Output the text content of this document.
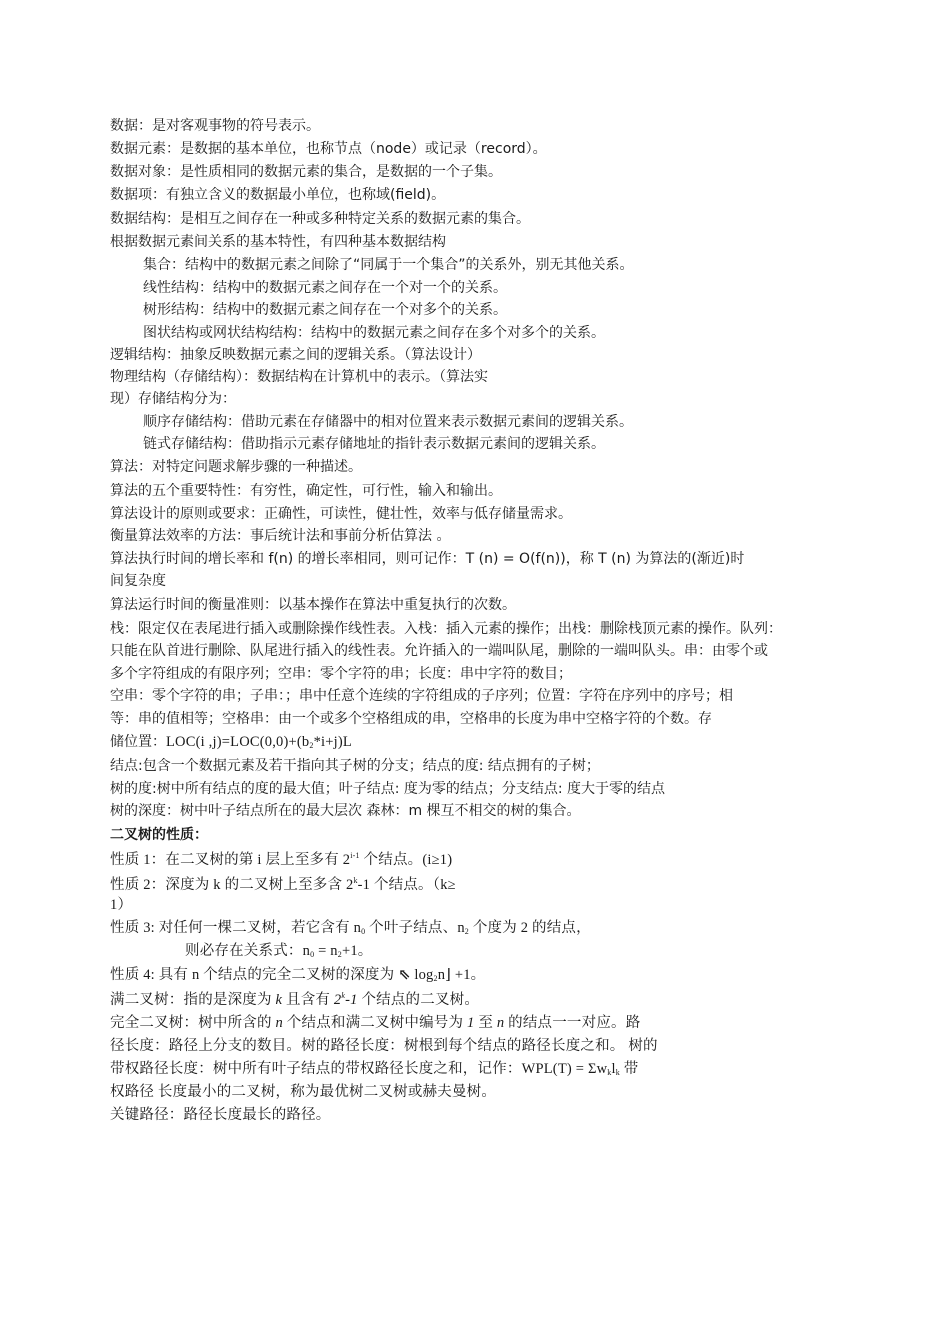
数据：是对客观事物的符号表示。

数据元素：是数据的基本单位，也称节点（node）或记录（record）。

数据对象：是性质相同的数据元素的集合，是数据的一个子集。

数据项：有独立含义的数据最小单位，也称域(field)。

数据结构：是相互之间存在一种或多种特定关系的数据元素的集合。

根据数据元素间关系的基本特性，有四种基本数据结构

集合：结构中的数据元素之间除了“同属于一个集合”的关系外，别无其他关系。

线性结构：结构中的数据元素之间存在一个对一个的关系。

树形结构：结构中的数据元素之间存在一个对多个的关系。

图状结构或网状结构结构：结构中的数据元素之间存在多个对多个的关系。

逻辑结构：抽象反映数据元素之间的逻辑关系。（算法设计）

物理结构（存储结构）：数据结构在计算机中的表示。（算法实

现）存储结构分为：

顺序存储结构：借助元素在存储器中的相对位置来表示数据元素间的逻辑关系。

链式存储结构：借助指示元素存储地址的指针表示数据元素间的逻辑关系。

算法：对特定问题求解步骤的一种描述。

算法的五个重要特性：有穷性，确定性，可行性，输入和输出。

算法设计的原则或要求：正确性，可读性，健壮性，效率与低存储量需求。

衡量算法效率的方法：事后统计法和事前分析估算法 。

算法执行时间的增长率和 f(n) 的增长率相同，则可记作：T (n) = O(f(n))，称 T (n) 为算法的(渐近)时

间复杂度

算法运行时间的衡量准则：以基本操作在算法中重复执行的次数。

栈：限定仅在表尾进行插入或删除操作线性表。入栈：插入元素的操作；出栈：删除栈顶元素的操作。队列：

只能在队首进行删除、队尾进行插入的线性表。允许插入的一端叫队尾，删除的一端叫队头。串：由零个或

多个字符组成的有限序列；空串：零个字符的串；长度：串中字符的数目；

空串：零个字符的串；子串：；串中任意个连续的字符组成的子序列；位置：字符在序列中的序号；相

等：串的值相等；空格串：由一个或多个空格组成的串，空格串的长度为串中空格字符的个数。存

储位置：LOC(i $,j)=LOC(0,0)+(b_2*i+j)L$

结点:包含一个数据元素及若干指向其子树的分支；结点的度: 结点拥有的子树；

树的度:树中所有结点的度的最大值；叶子结点: 度为零的结点；分支结点: 度大于零的结点

树的深度：树中叶子结点所在的最大层次 森林：m 棵互不相交的树的集合。

二叉树的性质：

性质 1：在二叉树的第 i 层上至多有 2$^{i-1}$ 个结点。(i≥1)

性质 2：深度为 k 的二叉树上至多含 2$^k$-1 个结点。（k≥

1）

性质 3: 对任何一棵二叉树，若它含有 $n_0$ 个叶子结点、$n_2$ 个度为 2 的结点，

则必存在关系式：$n_0 = n_2+1$。

性质 4: 具有 n 个结点的完全二叉树的深度为 ⇖ $\log_2n⌋ +1$。

满二叉树：指的是深度为 k 且含有 2$^k$-1 个结点的二叉树。

完全二叉树：树中所含的 n 个结点和满二叉树中编号为 1 至 n 的结点一一对应。路

径长度：路径上分支的数目。树的路径长度：树根到每个结点的路径长度之和。 树的

带权路径长度：树中所有叶子结点的带权路径长度之和，记作：$WPL(T) = \Sigma w_kl_k$ 带

权路径 长度最小的二叉树，称为最优树二叉树或赫夫曼树。

关键路径：路径长度最长的路径。
